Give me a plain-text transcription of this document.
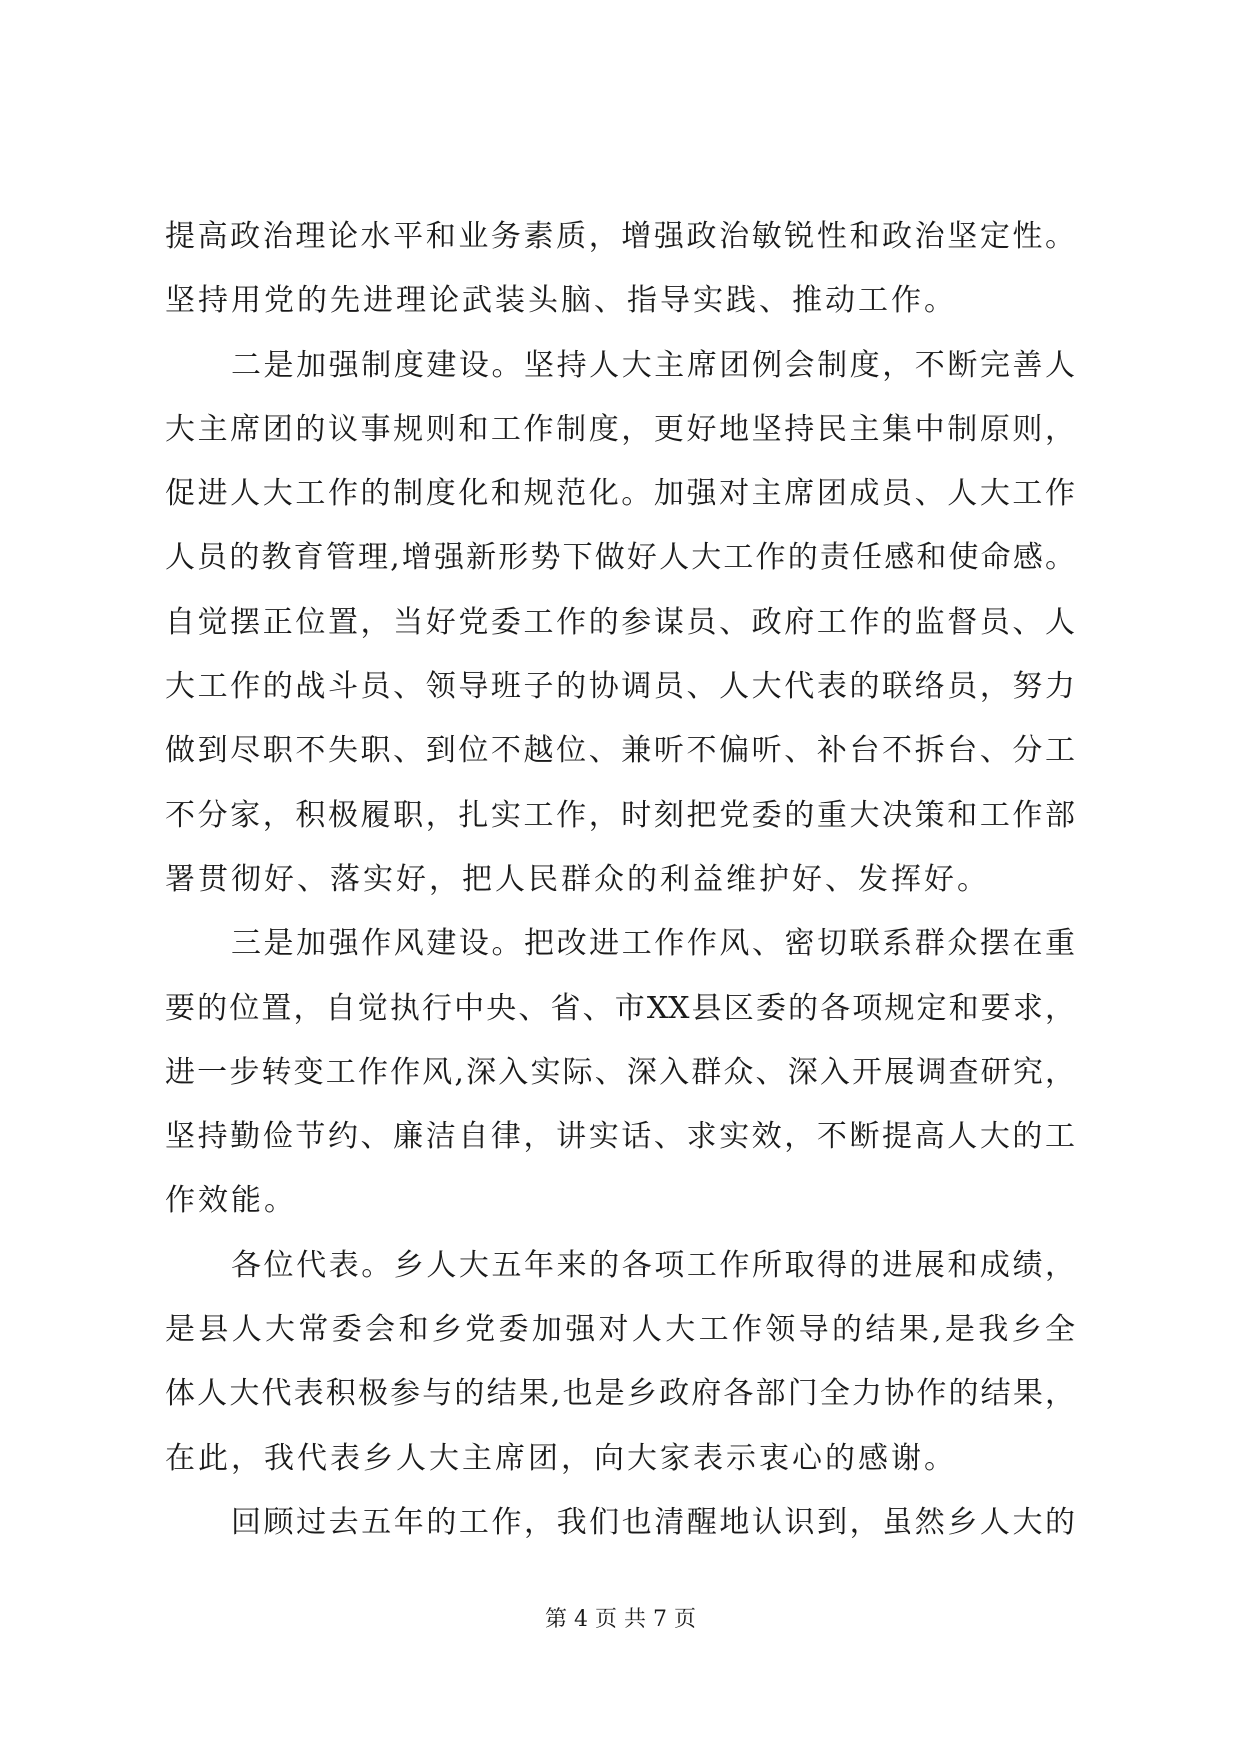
提高政治理论水平和业务素质，增强政治敏锐性和政治坚定性。
坚持用党的先进理论武装头脑、指导实践、推动工作。
二是加强制度建设。坚持人大主席团例会制度，不断完善人
大主席团的议事规则和工作制度，更好地坚持民主集中制原则，
促进人大工作的制度化和规范化。加强对主席团成员、人大工作
人员的教育管理,增强新形势下做好人大工作的责任感和使命感。
自觉摆正位置，当好党委工作的参谋员、政府工作的监督员、人
大工作的战斗员、领导班子的协调员、人大代表的联络员，努力
做到尽职不失职、到位不越位、兼听不偏听、补台不拆台、分工
不分家，积极履职，扎实工作，时刻把党委的重大决策和工作部
署贯彻好、落实好，把人民群众的利益维护好、发挥好。
三是加强作风建设。把改进工作作风、密切联系群众摆在重
要的位置，自觉执行中央、省、市XX县区委的各项规定和要求，
进一步转变工作作风,深入实际、深入群众、深入开展调查研究，
坚持勤俭节约、廉洁自律，讲实话、求实效，不断提高人大的工
作效能。
各位代表。乡人大五年来的各项工作所取得的进展和成绩，
是县人大常委会和乡党委加强对人大工作领导的结果,是我乡全
体人大代表积极参与的结果,也是乡政府各部门全力协作的结果，
在此，我代表乡人大主席团，向大家表示衷心的感谢。
回顾过去五年的工作，我们也清醒地认识到，虽然乡人大的
第 4 页 共 7 页
